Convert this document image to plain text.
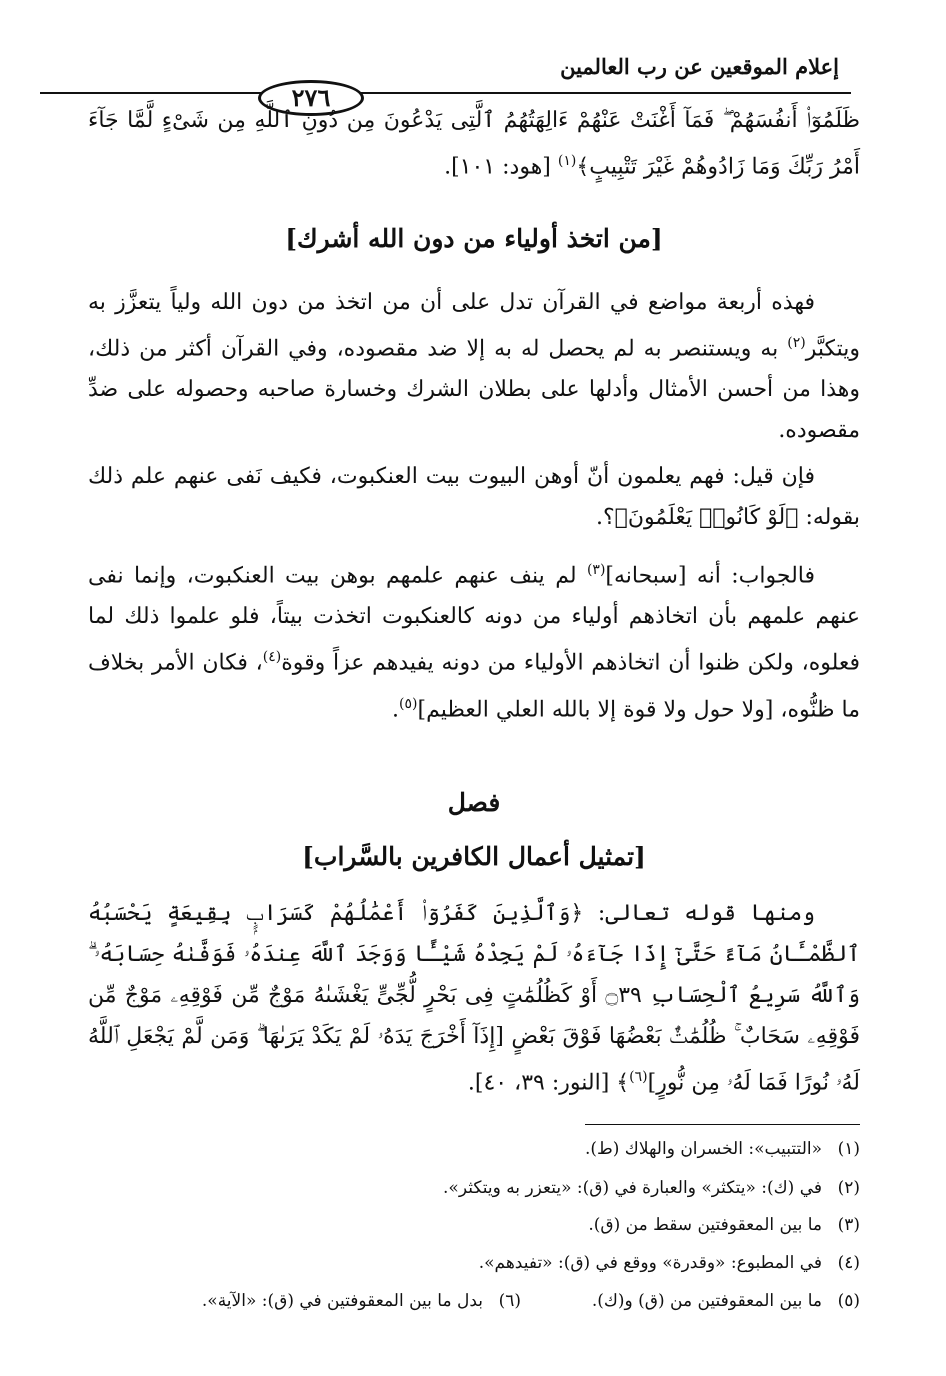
إعلام الموقعين عن رب العالمين
٢٧٦
ظَلَمُوٓا۟ أَنفُسَهُمْ ۖ فَمَآ أَغْنَتْ عَنْهُمْ ءَالِهَتُهُمُ ٱلَّتِى يَدْعُونَ مِن دُونِ ٱللَّهِ مِن شَىْءٍ لَّمَّا جَآءَ أَمْرُ رَبِّكَ وَمَا زَادُوهُمْ غَيْرَ تَتْبِيبٍ﴾$^{(١)}$ [هود: ١٠١].
[من اتخذ أولياء من دون الله أشرك]
فهذه أربعة مواضع في القرآن تدل على أن من اتخذ من دون الله ولياً يتعزَّز به ويتكبَّر$^{(٢)}$ به ويستنصر به لم يحصل له به إلا ضد مقصوده، وفي القرآن أكثر من ذلك، وهذا من أحسن الأمثال وأدلها على بطلان الشرك وخسارة صاحبه وحصوله على ضدِّ مقصوده.
فإن قيل: فهم يعلمون أنّ أوهن البيوت بيت العنكبوت، فكيف نَفى عنهم علم ذلك بقوله: ﴿لَوْ كَانُوا۟ يَعْلَمُونَ﴾؟.
فالجواب: أنه [سبحانه]$^{(٣)}$ لم ينف عنهم علمهم بوهن بيت العنكبوت، وإنما نفى عنهم علمهم بأن اتخاذهم أولياء من دونه كالعنكبوت اتخذت بيتاً، فلو علموا ذلك لما فعلوه، ولكن ظنوا أن اتخاذهم الأولياء من دونه يفيدهم عزاً وقوة$^{(٤)}$، فكان الأمر بخلاف ما ظنُّوه، [ولا حول ولا قوة إلا بالله العلي العظيم]$^{(٥)}$.
فصل
[تمثيل أعمال الكافرين بالسَّراب]
ومنها قوله تعالى: ﴿وَٱلَّذِينَ كَفَرُوٓا۟ أَعْمَٰلُهُمْ كَسَرَابٍۭ بِقِيعَةٍ يَحْسَبُهُ ٱلظَّمْـَٔانُ مَآءً حَتَّىٰٓ إِذَا جَآءَهُۥ لَمْ يَجِدْهُ شَيْـًٔا وَوَجَدَ ٱللَّهَ عِندَهُۥ فَوَفَّىٰهُ حِسَابَهُۥ ۗ وَٱللَّهُ سَرِيعُ ٱلْحِسَابِ ۝٣٩ أَوْ كَظُلُمَٰتٍ فِى بَحْرٍ لُّجِّىٍّ يَغْشَىٰهُ مَوْجٌ مِّن فَوْقِهِۦ مَوْجٌ مِّن فَوْقِهِۦ سَحَابٌ ۚ ظُلُمَٰتٌۢ بَعْضُهَا فَوْقَ بَعْضٍ [إِذَآ أَخْرَجَ يَدَهُۥ لَمْ يَكَدْ يَرَىٰهَا ۗ وَمَن لَّمْ يَجْعَلِ ٱللَّهُ لَهُۥ نُورًا فَمَا لَهُۥ مِن نُّورٍ]$^{(٦)}$﴾ [النور: ٣٩، ٤٠].
(١)«التتبيب»: الخسران والهلاك (ط).
(٢)في (ك): «يتكثر» والعبارة في (ق): «يتعزر به ويتكثر».
(٣)ما بين المعقوفتين سقط من (ق).
(٤)في المطبوع: «وقدرة» ووقع في (ق): «تفيدهم».
(٥)ما بين المعقوفتين من (ق) و(ك).
(٦)بدل ما بين المعقوفتين في (ق): «الآية».
